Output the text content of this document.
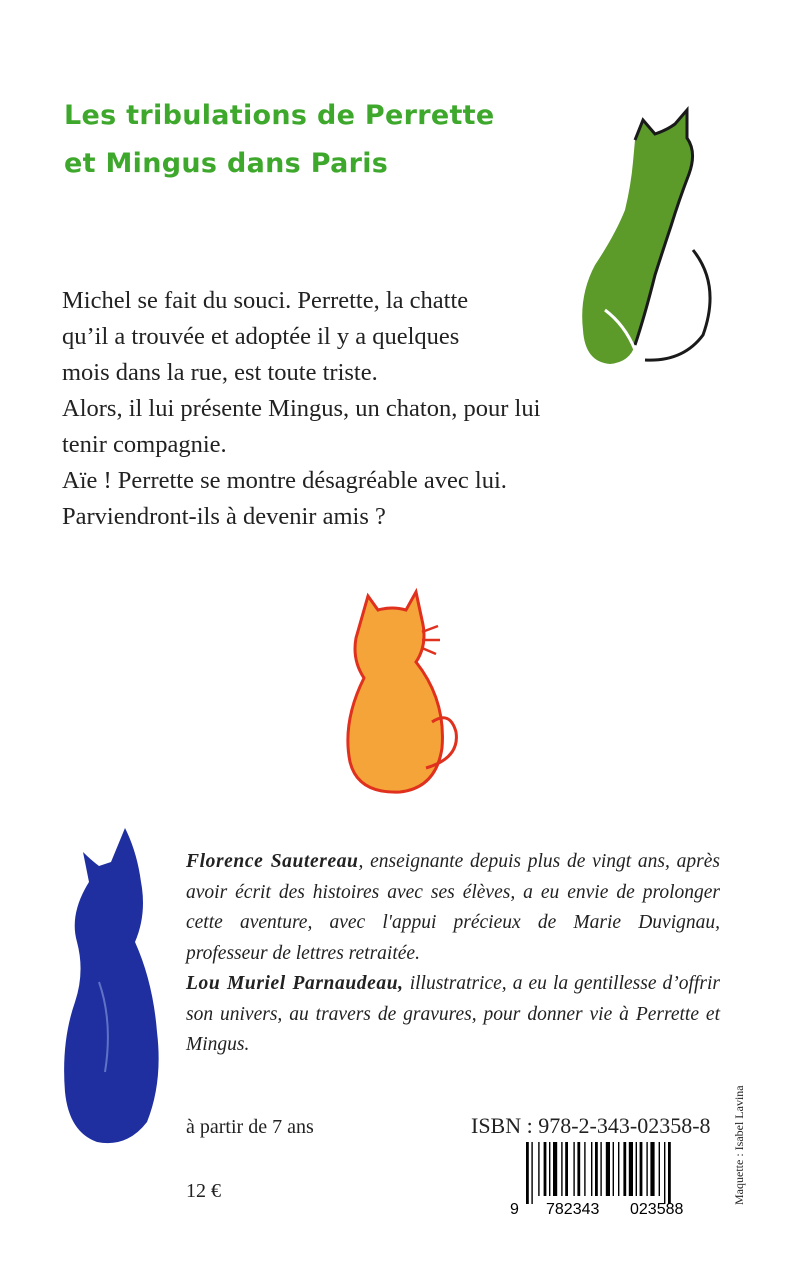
Les tribulations de Perrette
et Mingus dans Paris
Michel se fait du souci. Perrette, la chatte
qu’il a trouvée et adoptée il y a quelques
mois dans la rue, est toute triste.
Alors, il lui présente Mingus, un chaton, pour lui
tenir compagnie.
Aïe ! Perrette se montre désagréable avec lui.
Parviendront-ils à devenir amis ?

Florence Sautereau, enseignante depuis plus de vingt ans, après avoir écrit des histoires avec ses élèves, a eu envie de prolonger cette aventure, avec l'appui précieux de Marie Duvignau, professeur de lettres retraitée.

Lou Muriel Parnaudeau, illustratrice, a eu la gentillesse d’offrir son univers, au travers de gravures, pour donner vie à Perrette et Mingus.

à partir de 7 ans
12 €
ISBN : 978-2-343-02358-8
9 782343 023588
Maquette : Isabel Lavina
